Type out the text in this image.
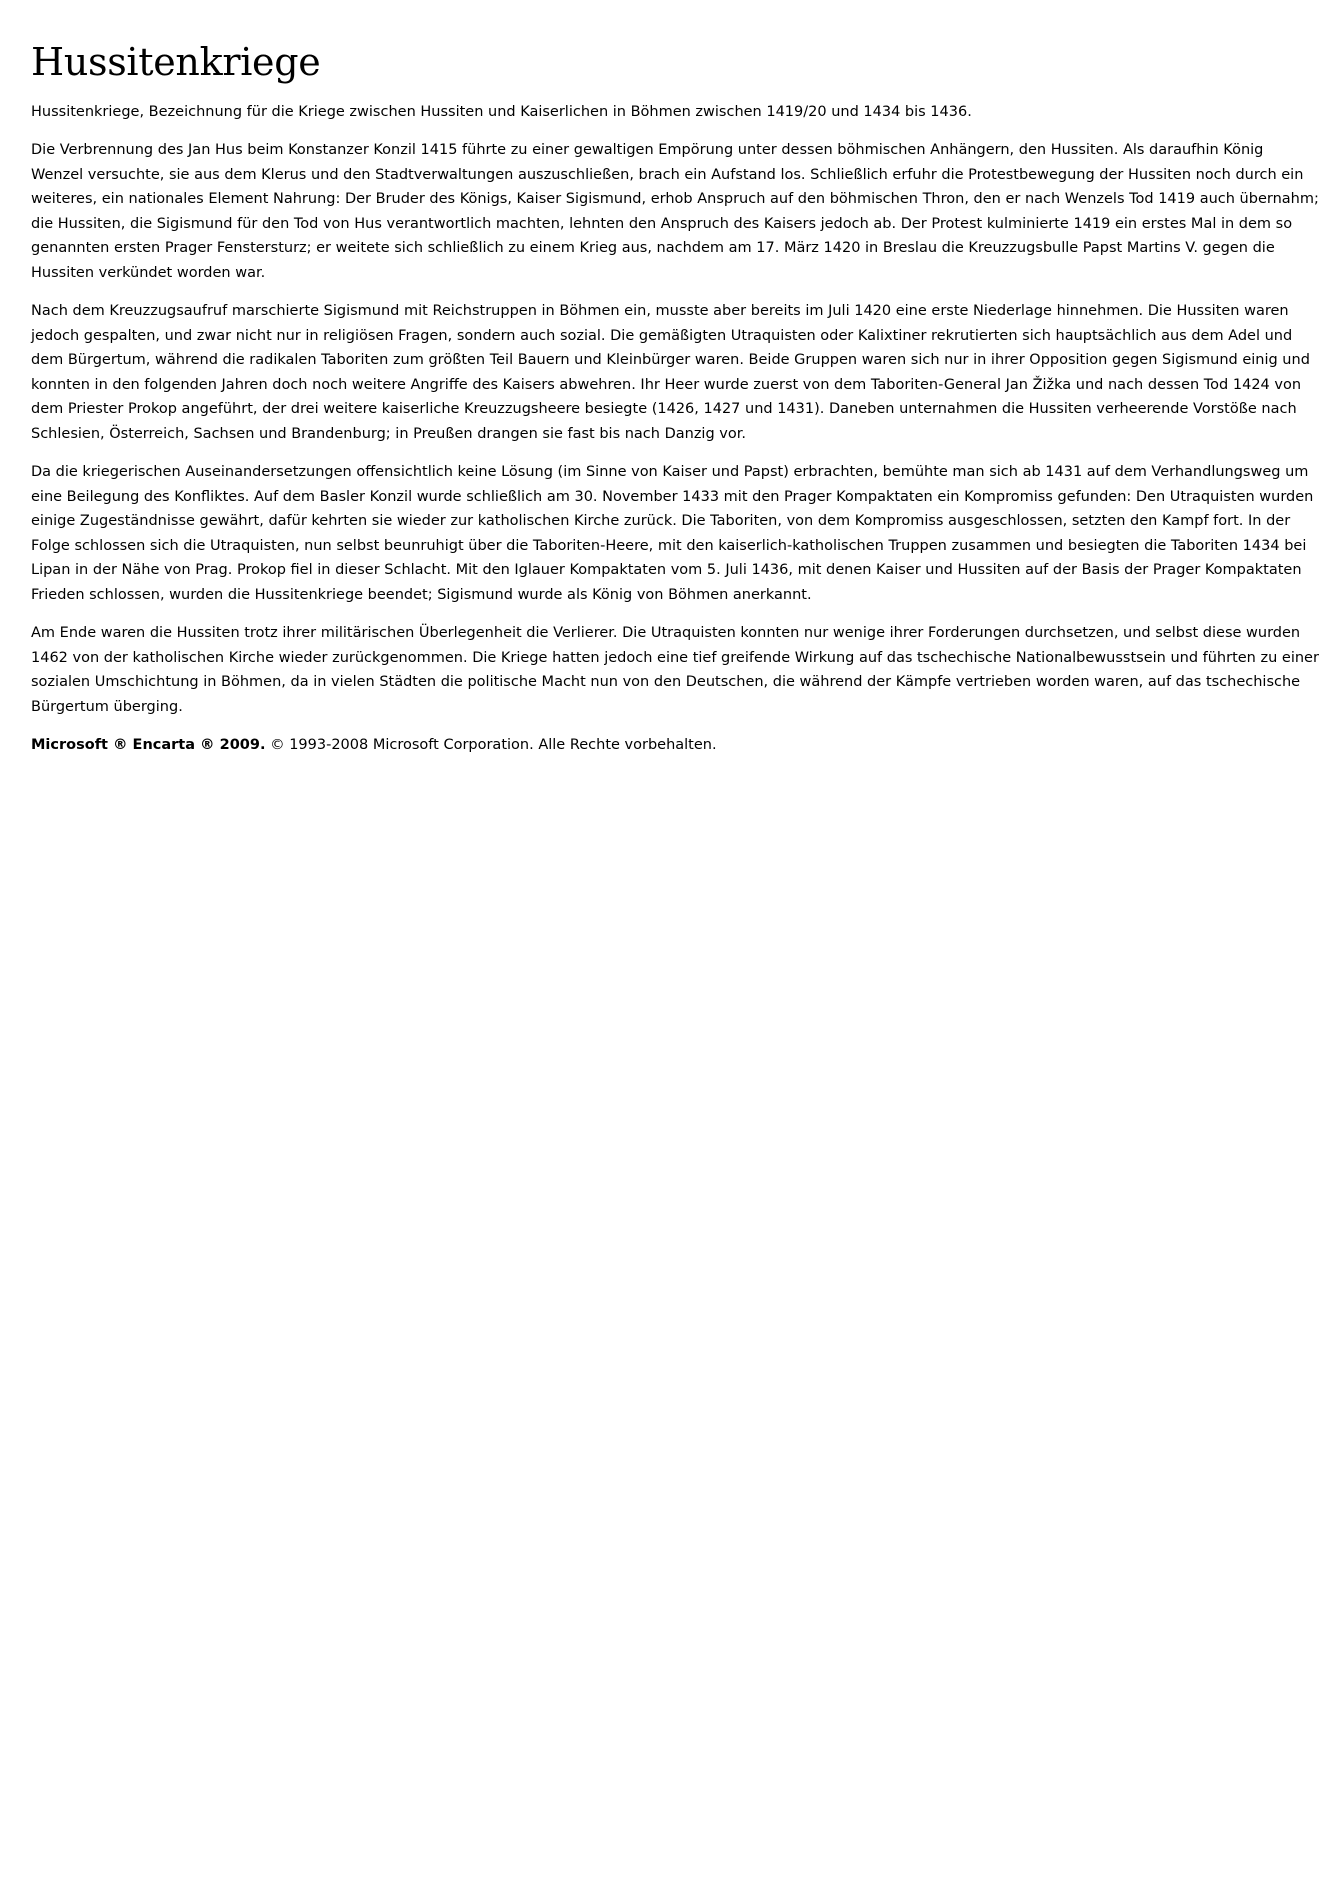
Hussitenkriege

Hussitenkriege, Bezeichnung für die Kriege zwischen Hussiten und Kaiserlichen in Böhmen zwischen 1419/20 und 1434 bis 1436.

Die Verbrennung des Jan Hus beim Konstanzer Konzil 1415 führte zu einer gewaltigen Empörung unter dessen böhmischen Anhängern, den Hussiten. Als daraufhin König Wenzel versuchte, sie aus dem Klerus und den Stadtverwaltungen auszuschließen, brach ein Aufstand los. Schließlich erfuhr die Protestbewegung der Hussiten noch durch ein weiteres, ein nationales Element Nahrung: Der Bruder des Königs, Kaiser Sigismund, erhob Anspruch auf den böhmischen Thron, den er nach Wenzels Tod 1419 auch übernahm; die Hussiten, die Sigismund für den Tod von Hus verantwortlich machten, lehnten den Anspruch des Kaisers jedoch ab. Der Protest kulminierte 1419 ein erstes Mal in dem so genannten ersten Prager Fenstersturz; er weitete sich schließlich zu einem Krieg aus, nachdem am 17. März 1420 in Breslau die Kreuzzugsbulle Papst Martins V. gegen die Hussiten verkündet worden war.

Nach dem Kreuzzugsaufruf marschierte Sigismund mit Reichstruppen in Böhmen ein, musste aber bereits im Juli 1420 eine erste Niederlage hinnehmen. Die Hussiten waren jedoch gespalten, und zwar nicht nur in religiösen Fragen, sondern auch sozial. Die gemäßigten Utraquisten oder Kalixtiner rekrutierten sich hauptsächlich aus dem Adel und dem Bürgertum, während die radikalen Taboriten zum größten Teil Bauern und Kleinbürger waren. Beide Gruppen waren sich nur in ihrer Opposition gegen Sigismund einig und konnten in den folgenden Jahren doch noch weitere Angriffe des Kaisers abwehren. Ihr Heer wurde zuerst von dem Taboriten-General Jan Žižka und nach dessen Tod 1424 von dem Priester Prokop angeführt, der drei weitere kaiserliche Kreuzzugsheere besiegte (1426, 1427 und 1431). Daneben unternahmen die Hussiten verheerende Vorstöße nach Schlesien, Österreich, Sachsen und Brandenburg; in Preußen drangen sie fast bis nach Danzig vor.

Da die kriegerischen Auseinandersetzungen offensichtlich keine Lösung (im Sinne von Kaiser und Papst) erbrachten, bemühte man sich ab 1431 auf dem Verhandlungsweg um eine Beilegung des Konfliktes. Auf dem Basler Konzil wurde schließlich am 30. November 1433 mit den Prager Kompaktaten ein Kompromiss gefunden: Den Utraquisten wurden einige Zugeständnisse gewährt, dafür kehrten sie wieder zur katholischen Kirche zurück. Die Taboriten, von dem Kompromiss ausgeschlossen, setzten den Kampf fort. In der Folge schlossen sich die Utraquisten, nun selbst beunruhigt über die Taboriten-Heere, mit den kaiserlich-katholischen Truppen zusammen und besiegten die Taboriten 1434 bei Lipan in der Nähe von Prag. Prokop fiel in dieser Schlacht. Mit den Iglauer Kompaktaten vom 5. Juli 1436, mit denen Kaiser und Hussiten auf der Basis der Prager Kompaktaten Frieden schlossen, wurden die Hussitenkriege beendet; Sigismund wurde als König von Böhmen anerkannt.

Am Ende waren die Hussiten trotz ihrer militärischen Überlegenheit die Verlierer. Die Utraquisten konnten nur wenige ihrer Forderungen durchsetzen, und selbst diese wurden 1462 von der katholischen Kirche wieder zurückgenommen. Die Kriege hatten jedoch eine tief greifende Wirkung auf das tschechische Nationalbewusstsein und führten zu einer sozialen Umschichtung in Böhmen, da in vielen Städten die politische Macht nun von den Deutschen, die während der Kämpfe vertrieben worden waren, auf das tschechische Bürgertum überging.

Microsoft ® Encarta ® 2009. © 1993-2008 Microsoft Corporation. Alle Rechte vorbehalten.
